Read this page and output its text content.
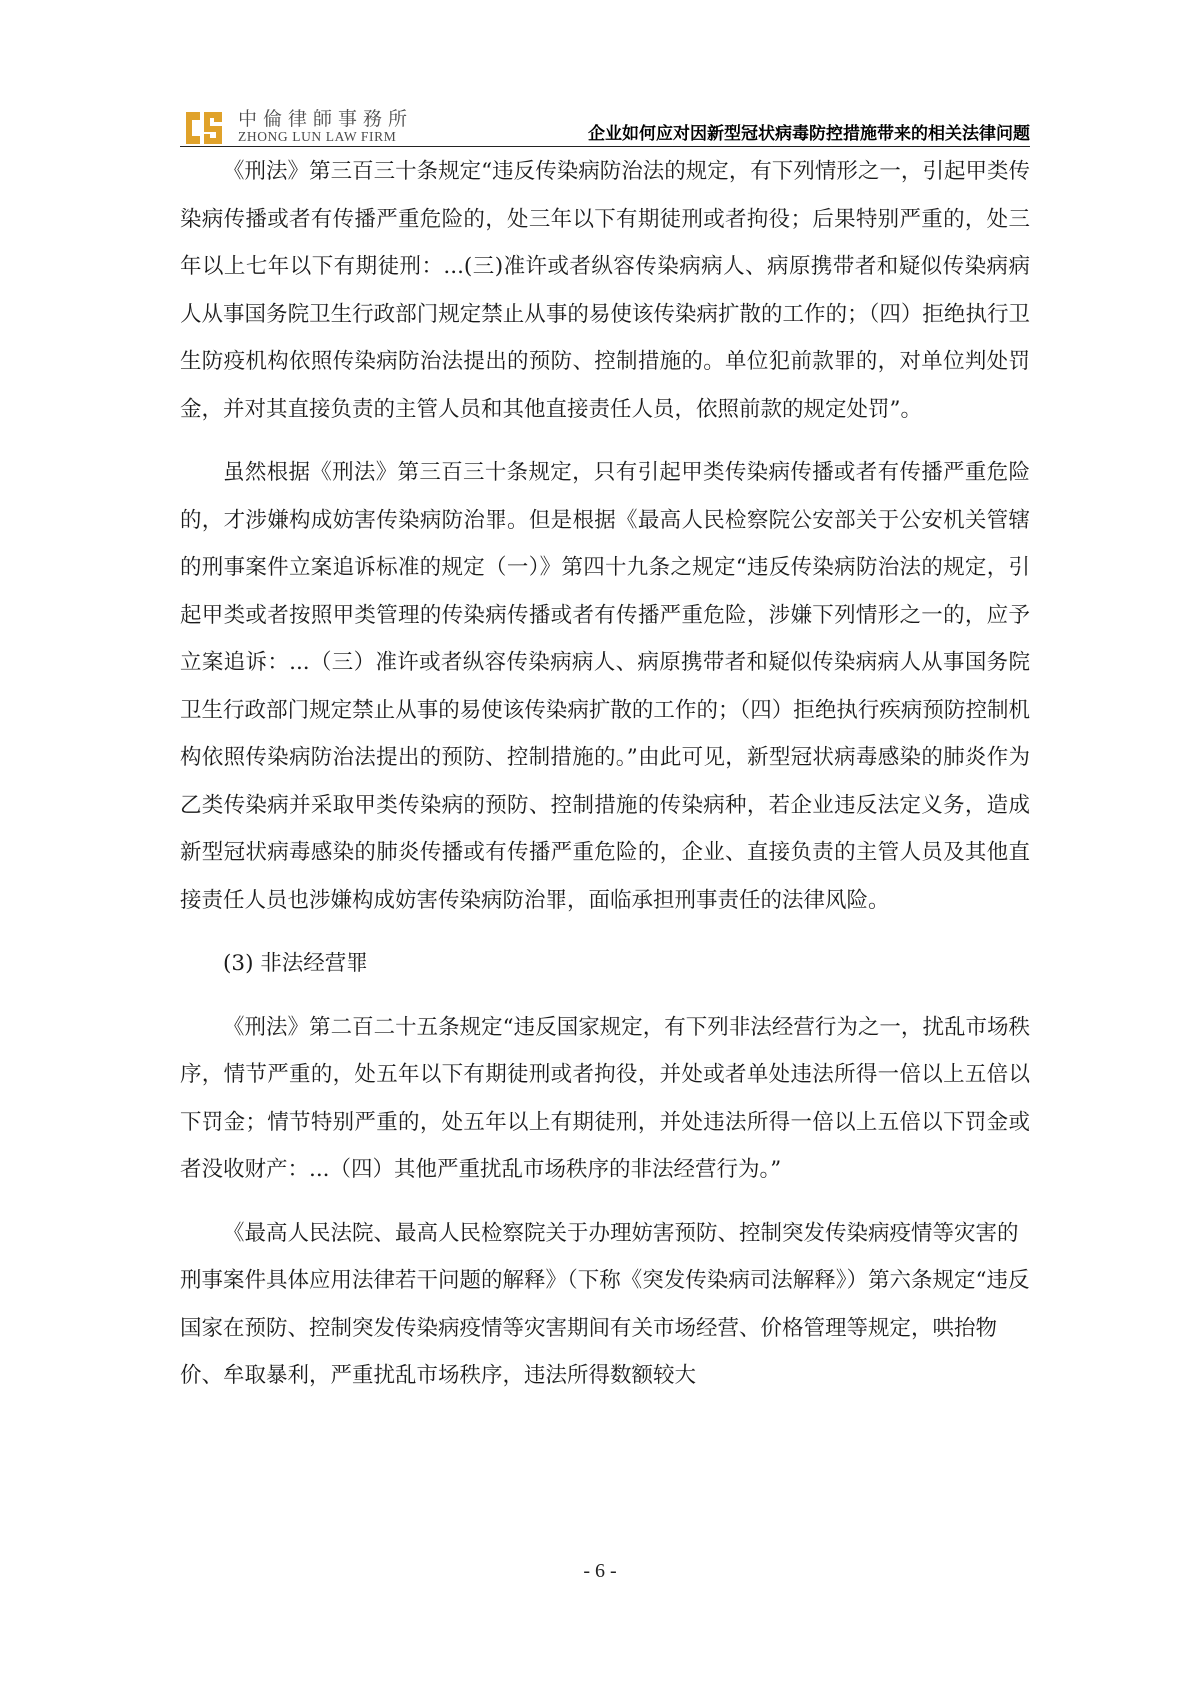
中倫律師事務所
ZHONG LUN LAW FIRM	企业如何应对因新型冠状病毒防控措施带来的相关法律问题

《刑法》第三百三十条规定“违反传染病防治法的规定，有下列情形之一，引起甲类传染病传播或者有传播严重危险的，处三年以下有期徒刑或者拘役；后果特别严重的，处三年以上七年以下有期徒刑：...(三)准许或者纵容传染病病人、病原携带者和疑似传染病病人从事国务院卫生行政部门规定禁止从事的易使该传染病扩散的工作的；（四）拒绝执行卫生防疫机构依照传染病防治法提出的预防、控制措施的。单位犯前款罪的，对单位判处罚金，并对其直接负责的主管人员和其他直接责任人员，依照前款的规定处罚”。

虽然根据《刑法》第三百三十条规定，只有引起甲类传染病传播或者有传播严重危险的，才涉嫌构成妨害传染病防治罪。但是根据《最高人民检察院公安部关于公安机关管辖的刑事案件立案追诉标准的规定（一）》第四十九条之规定“违反传染病防治法的规定，引起甲类或者按照甲类管理的传染病传播或者有传播严重危险，涉嫌下列情形之一的，应予立案追诉：...（三）准许或者纵容传染病病人、病原携带者和疑似传染病病人从事国务院卫生行政部门规定禁止从事的易使该传染病扩散的工作的；（四）拒绝执行疾病预防控制机构依照传染病防治法提出的预防、控制措施的。”由此可见，新型冠状病毒感染的肺炎作为乙类传染病并采取甲类传染病的预防、控制措施的传染病种，若企业违反法定义务，造成新型冠状病毒感染的肺炎传播或有传播严重危险的，企业、直接负责的主管人员及其他直接责任人员也涉嫌构成妨害传染病防治罪，面临承担刑事责任的法律风险。

(3) 非法经营罪

《刑法》第二百二十五条规定“违反国家规定，有下列非法经营行为之一，扰乱市场秩序，情节严重的，处五年以下有期徒刑或者拘役，并处或者单处违法所得一倍以上五倍以下罚金；情节特别严重的，处五年以上有期徒刑，并处违法所得一倍以上五倍以下罚金或者没收财产：...（四）其他严重扰乱市场秩序的非法经营行为。”

《最高人民法院、最高人民检察院关于办理妨害预防、控制突发传染病疫情等灾害的刑事案件具体应用法律若干问题的解释》（下称《突发传染病司法解释》）第六条规定“违反国家在预防、控制突发传染病疫情等灾害期间有关市场经营、价格管理等规定，哄抬物价、牟取暴利，严重扰乱市场秩序，违法所得数额较大

- 6 -
